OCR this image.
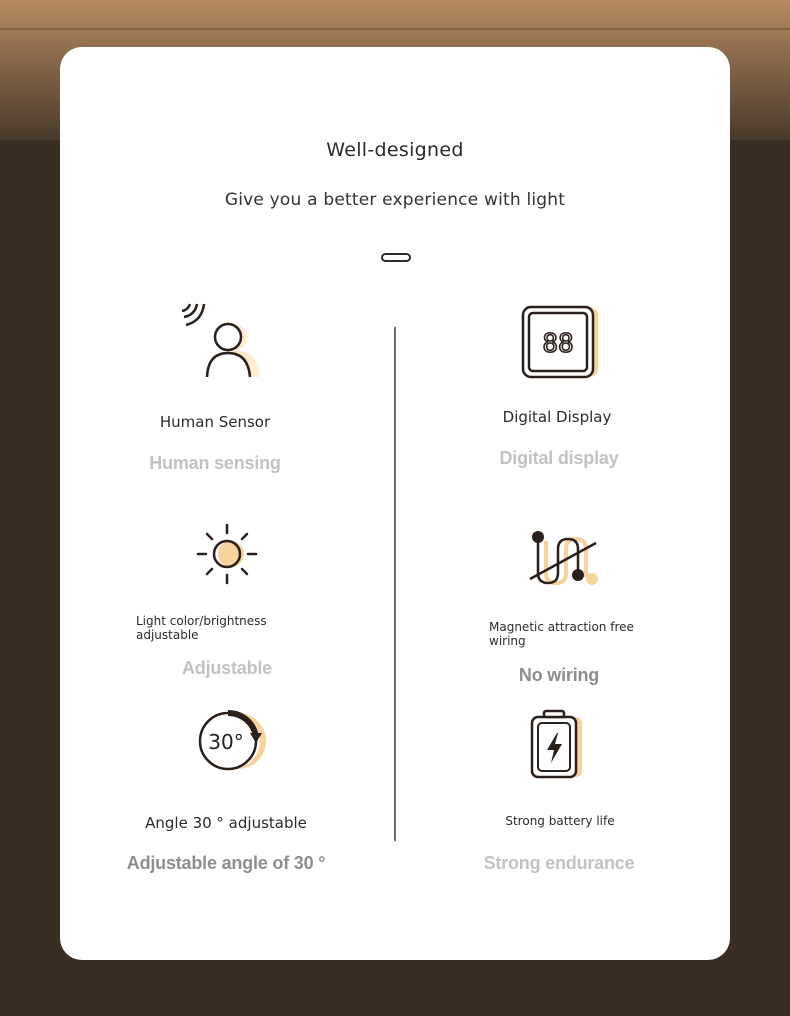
Well-designed
Give you a better experience with light
Human Sensor
Human sensing
88
Digital Display
Digital display
Light color/brightness adjustable
Adjustable
Magnetic attraction free wiring
No wiring
30°
Angle 30 ° adjustable
Adjustable angle of 30 °
Strong battery life
Strong endurance
